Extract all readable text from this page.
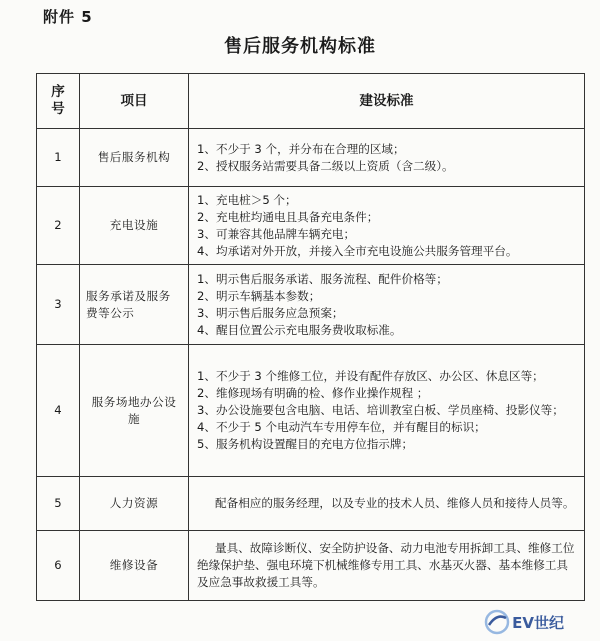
附件 5
售后服务机构标准
序
号	项目	建设标准
1	售后服务机构	1、不少于 3 个，并分布在合理的区域；
2、授权服务站需要具备二级以上资质（含二级）。

2	充电设施	1、充电桩＞5 个；
2、充电桩均通电且具备充电条件；
3、可兼容其他品牌车辆充电；
4、均承诺对外开放，并接入全市充电设施公共服务管理平台。

3	服务承诺及服务费等公示	1、明示售后服务承诺、服务流程、配件价格等；
2、明示车辆基本参数；
3、明示售后服务应急预案；
4、醒目位置公示充电服务费收取标准。

4	服务场地办公设施	1、不少于 3 个维修工位，并设有配件存放区、办公区、休息区等；
2、维修现场有明确的检、修作业操作规程 ；
3、办公设施要包含电脑、电话、培训教室白板、学员座椅、投影仪等；
4、不少于 5 个电动汽车专用停车位，并有醒目的标识；
5、服务机构设置醒目的充电方位指示牌；

5	人力资源	配备相应的服务经理，以及专业的技术人员、维修人员和接待人员等。

6	维修设备	量具、故障诊断仪、安全防护设备、动力电池专用拆卸工具、维修工位绝缘保护垫、强电环境下机械维修专用工具、水基灭火器、基本维修工具及应急事故救援工具等。
EV世纪
